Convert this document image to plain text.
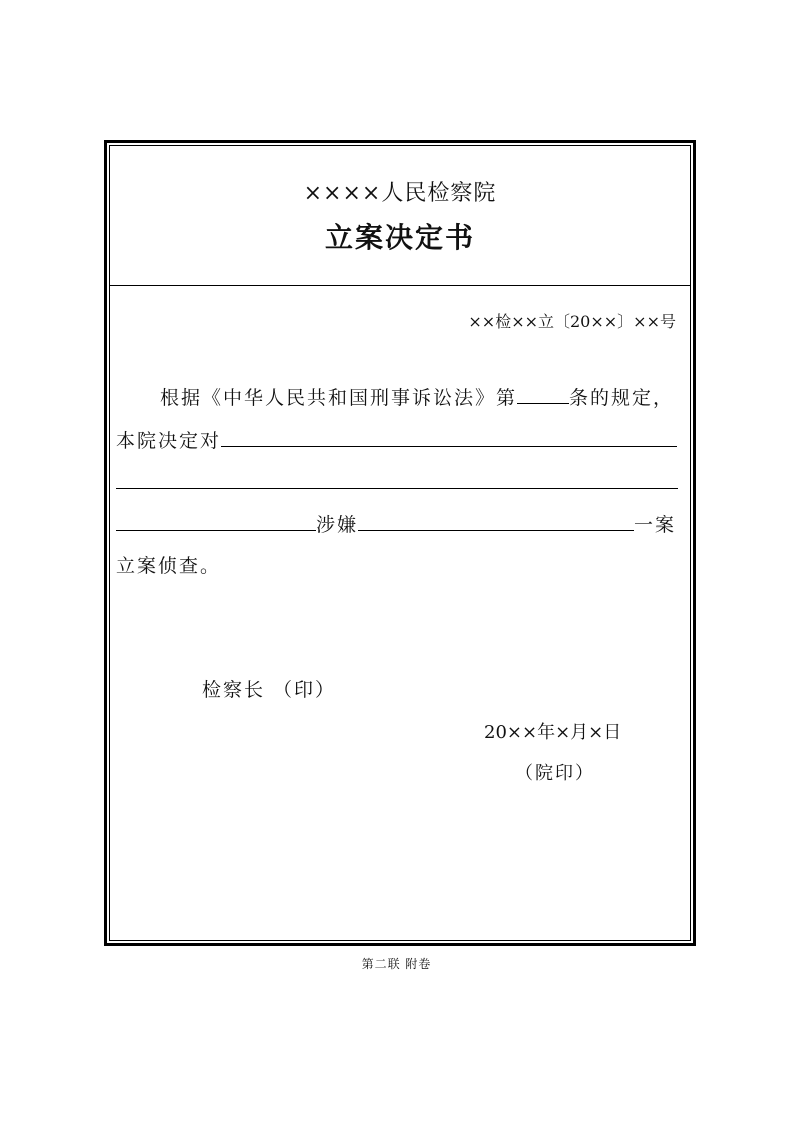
××××人民检察院
立案决定书
××检××立〔20××〕××号
根据《中华人民共和国刑事诉讼法》第	条的规定，
本院决定对
涉嫌	一案
立案侦查。
检察长 （印）
20××年×月×日
（院印）
第二联 附卷
